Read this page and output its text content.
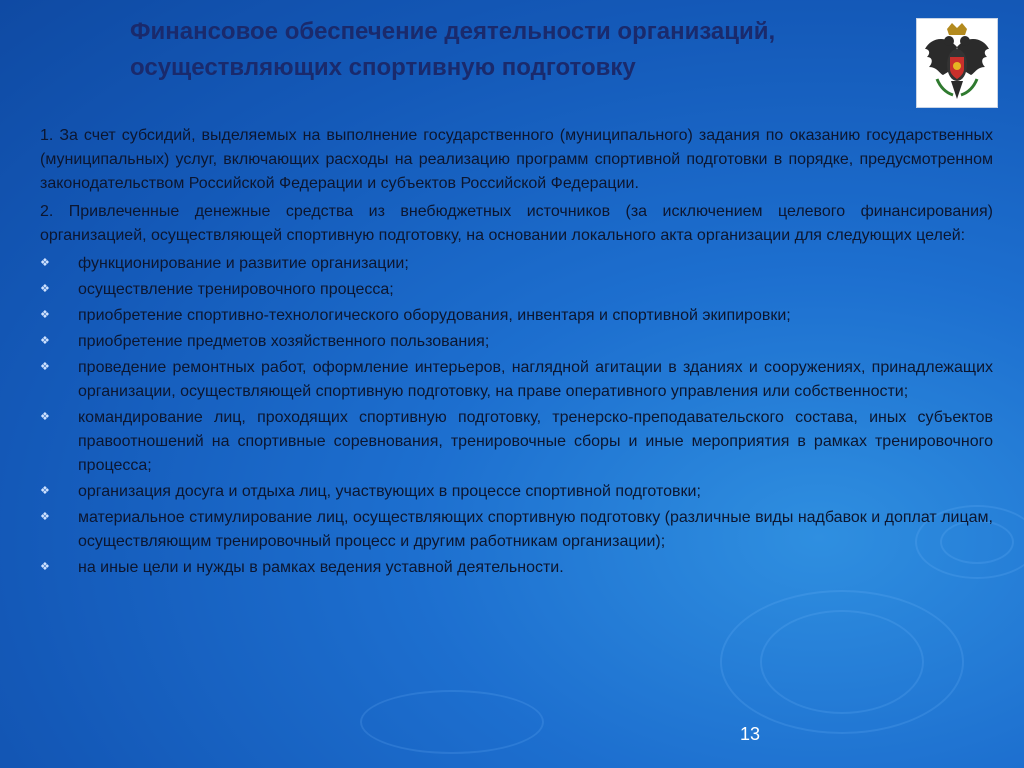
Финансовое обеспечение деятельности организаций,
осуществляющих спортивную подготовку

1. За счет субсидий, выделяемых на выполнение государственного (муниципального) задания по оказанию государственных (муниципальных) услуг, включающих расходы на реализацию программ спортивной подготовки в порядке, предусмотренном законодательством Российской Федерации и субъектов Российской Федерации.

2. Привлеченные денежные средства из внебюджетных источников (за исключением целевого финансирования) организацией, осуществляющей спортивную подготовку, на основании локального акта организации для следующих целей:

❖ функционирование и развитие организации;
❖ осуществление тренировочного процесса;
❖ приобретение спортивно-технологического оборудования, инвентаря и спортивной экипировки;
❖ приобретение предметов хозяйственного пользования;
❖ проведение ремонтных работ, оформление интерьеров, наглядной агитации в зданиях и сооружениях, принадлежащих организации, осуществляющей спортивную подготовку, на праве оперативного управления или собственности;
❖ командирование лиц, проходящих спортивную подготовку, тренерско-преподавательского состава, иных субъектов правоотношений на спортивные соревнования, тренировочные сборы и иные мероприятия в рамках тренировочного процесса;
❖ организация досуга и отдыха лиц, участвующих в процессе спортивной подготовки;
❖ материальное стимулирование лиц, осуществляющих спортивную подготовку (различные виды надбавок и доплат лицам, осуществляющим тренировочный процесс и другим работникам организации);
❖ на иные цели и нужды в рамках ведения уставной деятельности.
13
